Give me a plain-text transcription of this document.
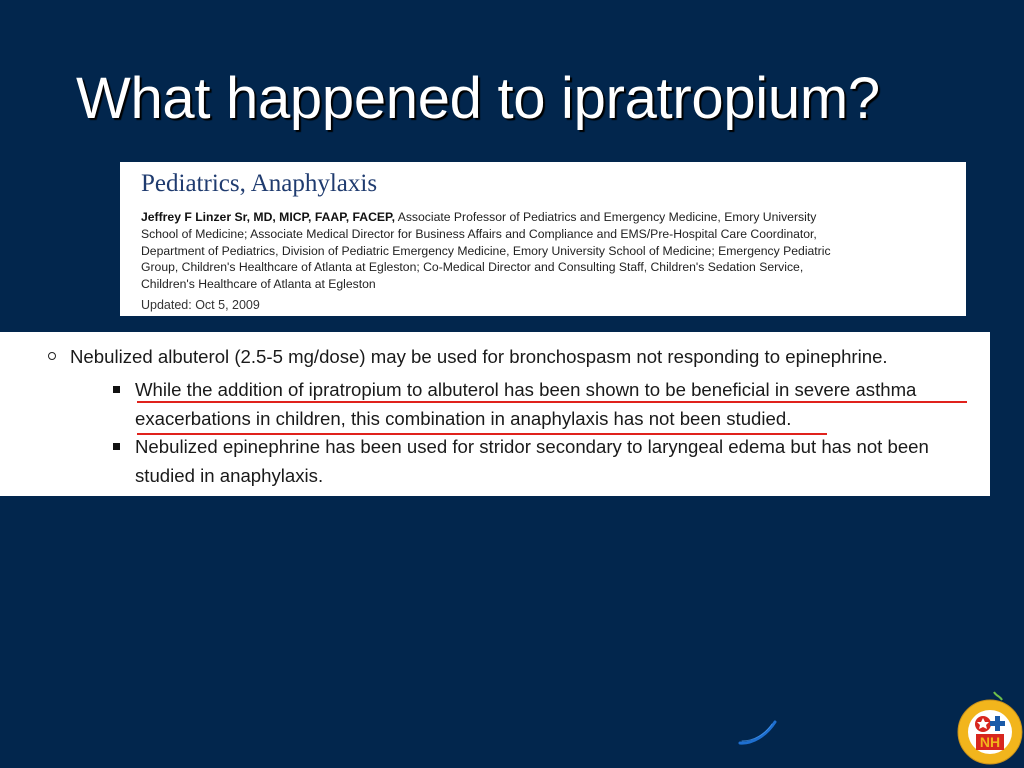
What happened to ipratropium?
Pediatrics, Anaphylaxis
Jeffrey F Linzer Sr, MD, MICP, FAAP, FACEP, Associate Professor of Pediatrics and Emergency Medicine, Emory University
School of Medicine; Associate Medical Director for Business Affairs and Compliance and EMS/Pre-Hospital Care Coordinator,
Department of Pediatrics, Division of Pediatric Emergency Medicine, Emory University School of Medicine; Emergency Pediatric
Group, Children's Healthcare of Atlanta at Egleston; Co-Medical Director and Consulting Staff, Children's Sedation Service,
Children's Healthcare of Atlanta at Egleston
Updated: Oct 5, 2009
Nebulized albuterol (2.5-5 mg/dose) may be used for bronchospasm not responding to epinephrine.
While the addition of ipratropium to albuterol has been shown to be beneficial in severe asthma
exacerbations in children, this combination in anaphylaxis has not been studied.
Nebulized epinephrine has been used for stridor secondary to laryngeal edema but has not been
studied in anaphylaxis.
NH
